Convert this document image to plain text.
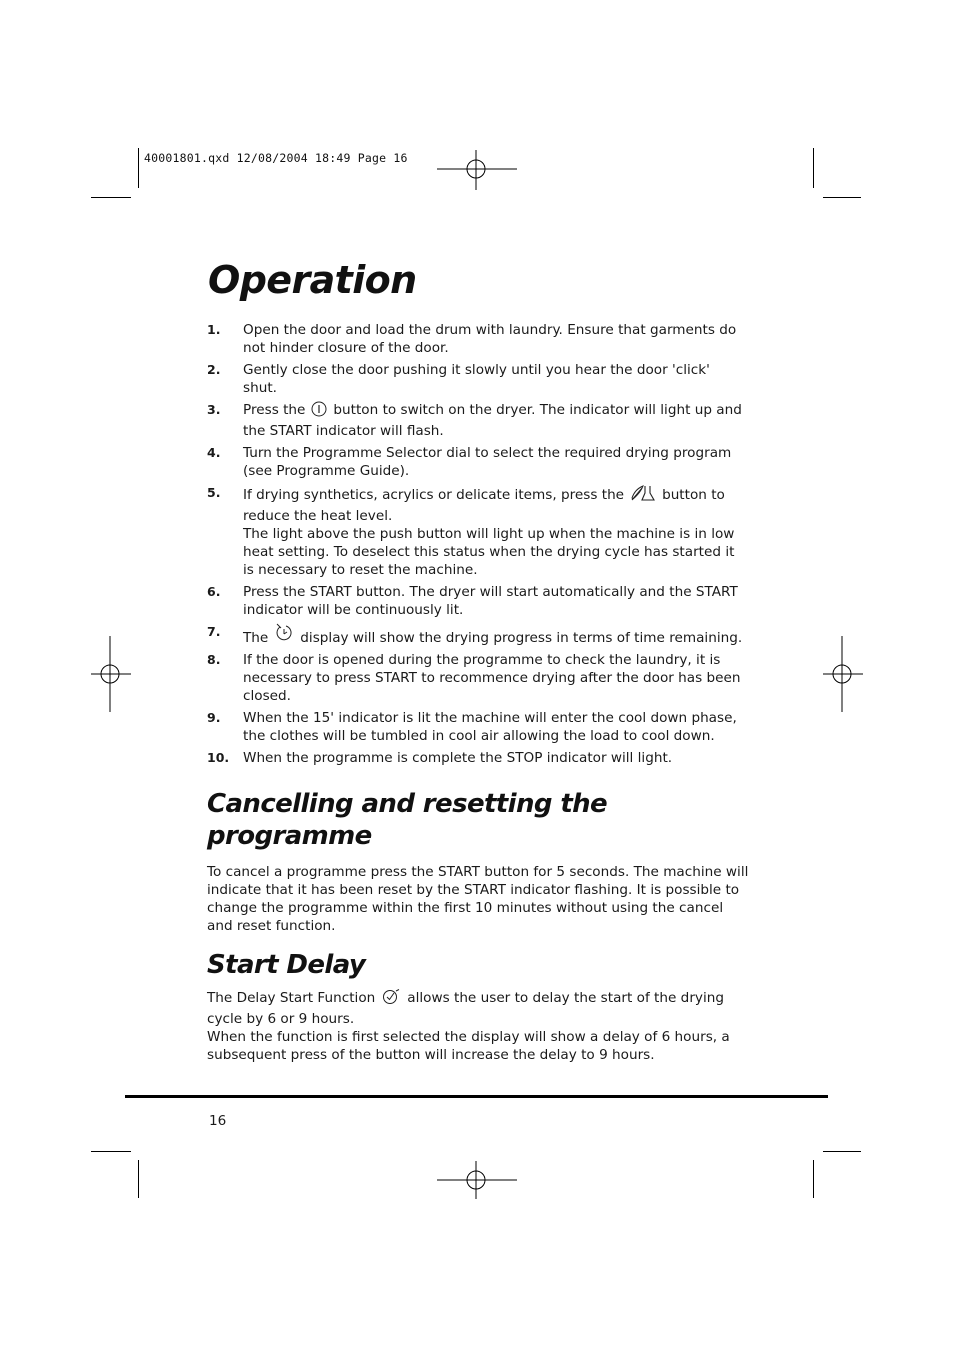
40001801.qxd 12/08/2004 18:49 Page 16
Operation
1. Open the door and load the drum with laundry. Ensure that garments do not hinder closure of the door.
2. Gently close the door pushing it slowly until you hear the door 'click' shut.
3. Press the button to switch on the dryer. The indicator will light up and the START indicator will flash.
4. Turn the Programme Selector dial to select the required drying program (see Programme Guide).
5. If drying synthetics, acrylics or delicate items, press the	button to reduce the heat level.
The light above the push button will light up when the machine is in low heat setting. To deselect this status when the drying cycle has started it is necessary to reset the machine.
6. Press the START button. The dryer will start automatically and the START indicator will be continuously lit.
7. The display will show the drying progress in terms of time remaining.
8. If the door is opened during the programme to check the laundry, it is necessary to press START to recommence drying after the door has been closed.
9. When the 15' indicator is lit the machine will enter the cool down phase, the clothes will be tumbled in cool air allowing the load to cool down.
10. When the programme is complete the STOP indicator will light.
Cancelling and resetting the
programme

To cancel a programme press the START button for 5 seconds. The machine will indicate that it has been reset by the START indicator flashing. It is possible to change the programme within the first 10 minutes without using the cancel and reset function.

Start Delay

The Delay Start Function allows the user to delay the start of the drying cycle by 6 or 9 hours.

When the function is first selected the display will show a delay of 6 hours, a subsequent press of the button will increase the delay to 9 hours.

16
